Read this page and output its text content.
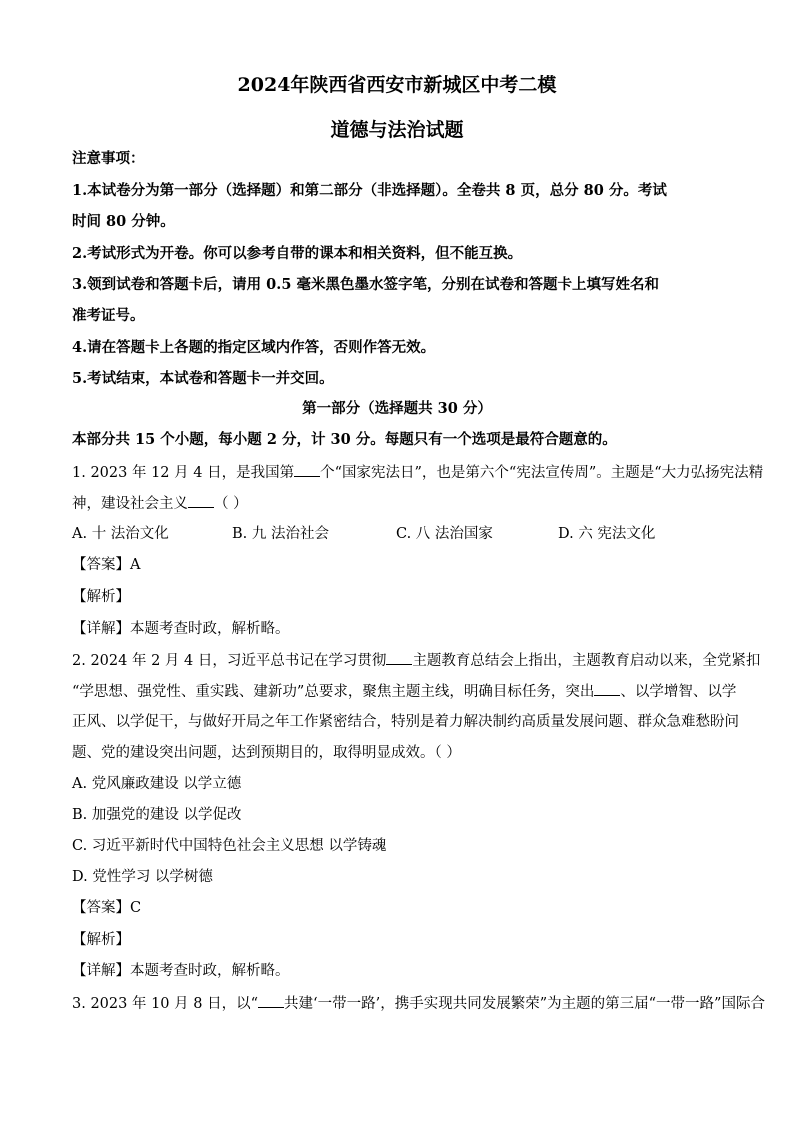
2024年陕西省西安市新城区中考二模
道德与法治试题
注意事项：
1.本试卷分为第一部分（选择题）和第二部分（非选择题）。全卷共 8 页，总分 80 分。考试
时间 80 分钟。
2.考试形式为开卷。你可以参考自带的课本和相关资料，但不能互换。
3.领到试卷和答题卡后，请用 0.5 毫米黑色墨水签字笔，分别在试卷和答题卡上填写姓名和
准考证号。
4.请在答题卡上各题的指定区域内作答，否则作答无效。
5.考试结束，本试卷和答题卡一并交回。
第一部分（选择题共 30 分）
本部分共 15 个小题，每小题 2 分，计 30 分。每题只有一个选项是最符合题意的。
1. 2023 年 12 月 4 日，是我国第 个“国家宪法日”，也是第六个“宪法宣传周”。主题是“大力弘扬宪法精
神，建设社会主义 （ ）
A. 十 法治文化	B. 九 法治社会	C. 八 法治国家	D. 六 宪法文化
【答案】A
【解析】
【详解】本题考查时政，解析略。
2. 2024 年 2 月 4 日，习近平总书记在学习贯彻 主题教育总结会上指出，主题教育启动以来，全党紧扣
“学思想、强党性、重实践、建新功”总要求，聚焦主题主线，明确目标任务，突出 、以学增智、以学
正风、以学促干，与做好开局之年工作紧密结合，特别是着力解决制约高质量发展问题、群众急难愁盼问
题、党的建设突出问题，达到预期目的，取得明显成效。（ ）
A. 党风廉政建设 以学立德
B. 加强党的建设 以学促改
C. 习近平新时代中国特色社会主义思想 以学铸魂
D. 党性学习 以学树德
【答案】C
【解析】
【详解】本题考查时政，解析略。
3. 2023 年 10 月 8 日，以“ 共建‘一带一路’，携手实现共同发展繁荣”为主题的第三届“一带一路”国际合
